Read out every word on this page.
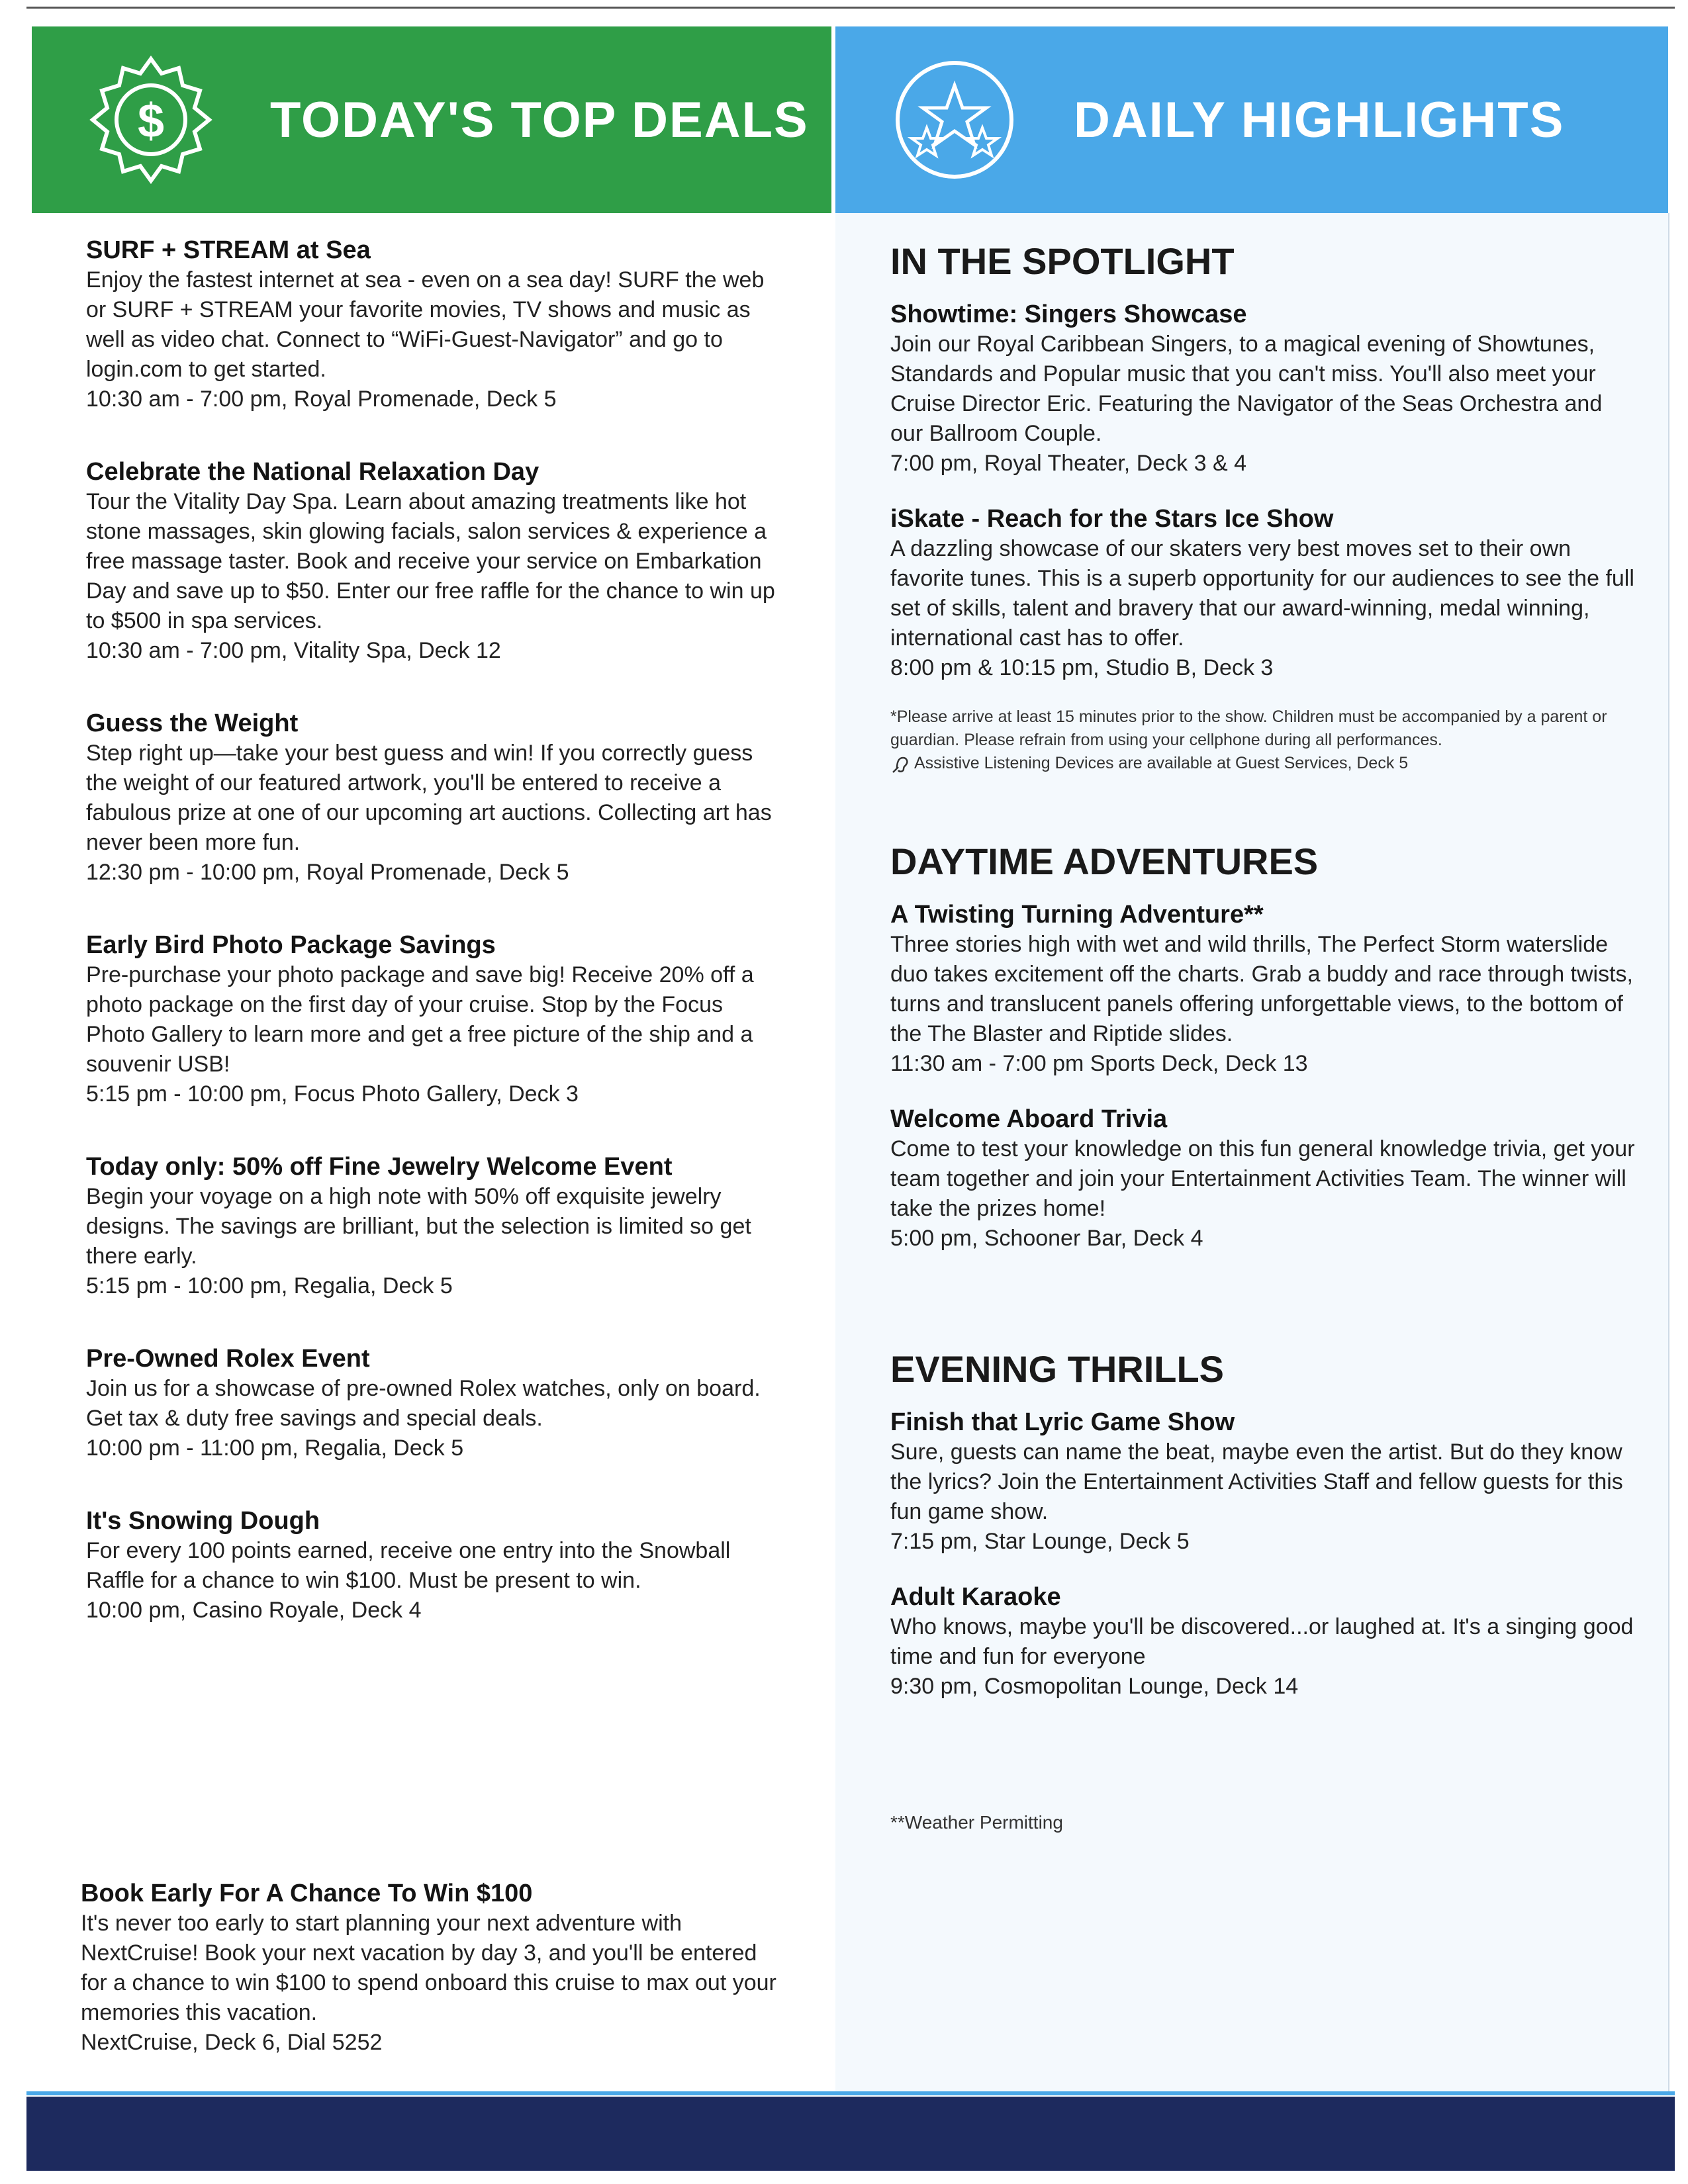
$ TODAY'S TOP DEALS	DAILY HIGHLIGHTS
SURF + STREAM at Sea
Enjoy the fastest internet at sea - even on a sea day! SURF the web or SURF + STREAM your favorite movies, TV shows and music as well as video chat. Connect to “WiFi-Guest-Navigator” and go to login.com to get started.
10:30 am - 7:00 pm, Royal Promenade, Deck 5
Celebrate the National Relaxation Day
Tour the Vitality Day Spa. Learn about amazing treatments like hot stone massages, skin glowing facials, salon services & experience a free massage taster. Book and receive your service on Embarkation Day and save up to $50. Enter our free raffle for the chance to win up to $500 in spa services.
10:30 am - 7:00 pm, Vitality Spa, Deck 12
Guess the Weight
Step right up—take your best guess and win! If you correctly guess the weight of our featured artwork, you'll be entered to receive a fabulous prize at one of our upcoming art auctions. Collecting art has never been more fun.
12:30 pm - 10:00 pm, Royal Promenade, Deck 5
Early Bird Photo Package Savings
Pre-purchase your photo package and save big! Receive 20% off a photo package on the first day of your cruise. Stop by the Focus Photo Gallery to learn more and get a free picture of the ship and a souvenir USB!
5:15 pm - 10:00 pm, Focus Photo Gallery, Deck 3
Today only: 50% off Fine Jewelry Welcome Event
Begin your voyage on a high note with 50% off exquisite jewelry designs. The savings are brilliant, but the selection is limited so get there early.
5:15 pm - 10:00 pm, Regalia, Deck 5
Pre-Owned Rolex Event
Join us for a showcase of pre-owned Rolex watches, only on board. Get tax & duty free savings and special deals.
10:00 pm - 11:00 pm, Regalia, Deck 5
It's Snowing Dough
For every 100 points earned, receive one entry into the Snowball Raffle for a chance to win $100. Must be present to win.
10:00 pm, Casino Royale, Deck 4
Book Early For A Chance To Win $100
It's never too early to start planning your next adventure with NextCruise! Book your next vacation by day 3, and you'll be entered for a chance to win $100 to spend onboard this cruise to max out your memories this vacation.
NextCruise, Deck 6, Dial 5252
IN THE SPOTLIGHT
Showtime: Singers Showcase
Join our Royal Caribbean Singers, to a magical evening of Showtunes, Standards and Popular music that you can't miss. You'll also meet your Cruise Director Eric. Featuring the Navigator of the Seas Orchestra and our Ballroom Couple.
7:00 pm, Royal Theater, Deck 3 & 4
iSkate - Reach for the Stars Ice Show
A dazzling showcase of our skaters very best moves set to their own favorite tunes. This is a superb opportunity for our audiences to see the full set of skills, talent and bravery that our award-winning, medal winning, international cast has to offer.
8:00 pm & 10:15 pm, Studio B, Deck 3
*Please arrive at least 15 minutes prior to the show. Children must be accompanied by a parent or guardian. Please refrain from using your cellphone during all performances.
Assistive Listening Devices are available at Guest Services, Deck 5
DAYTIME ADVENTURES
A Twisting Turning Adventure**
Three stories high with wet and wild thrills, The Perfect Storm waterslide duo takes excitement off the charts. Grab a buddy and race through twists, turns and translucent panels offering unforgettable views, to the bottom of the The Blaster and Riptide slides.
11:30 am - 7:00 pm Sports Deck, Deck 13
Welcome Aboard Trivia
Come to test your knowledge on this fun general knowledge trivia, get your team together and join your Entertainment Activities Team. The winner will take the prizes home!
5:00 pm, Schooner Bar, Deck 4
EVENING THRILLS
Finish that Lyric Game Show
Sure, guests can name the beat, maybe even the artist. But do they know the lyrics? Join the Entertainment Activities Staff and fellow guests for this fun game show.
7:15 pm, Star Lounge, Deck 5
Adult Karaoke
Who knows, maybe you'll be discovered...or laughed at. It's a singing good time and fun for everyone
9:30 pm, Cosmopolitan Lounge, Deck 14
**Weather Permitting
